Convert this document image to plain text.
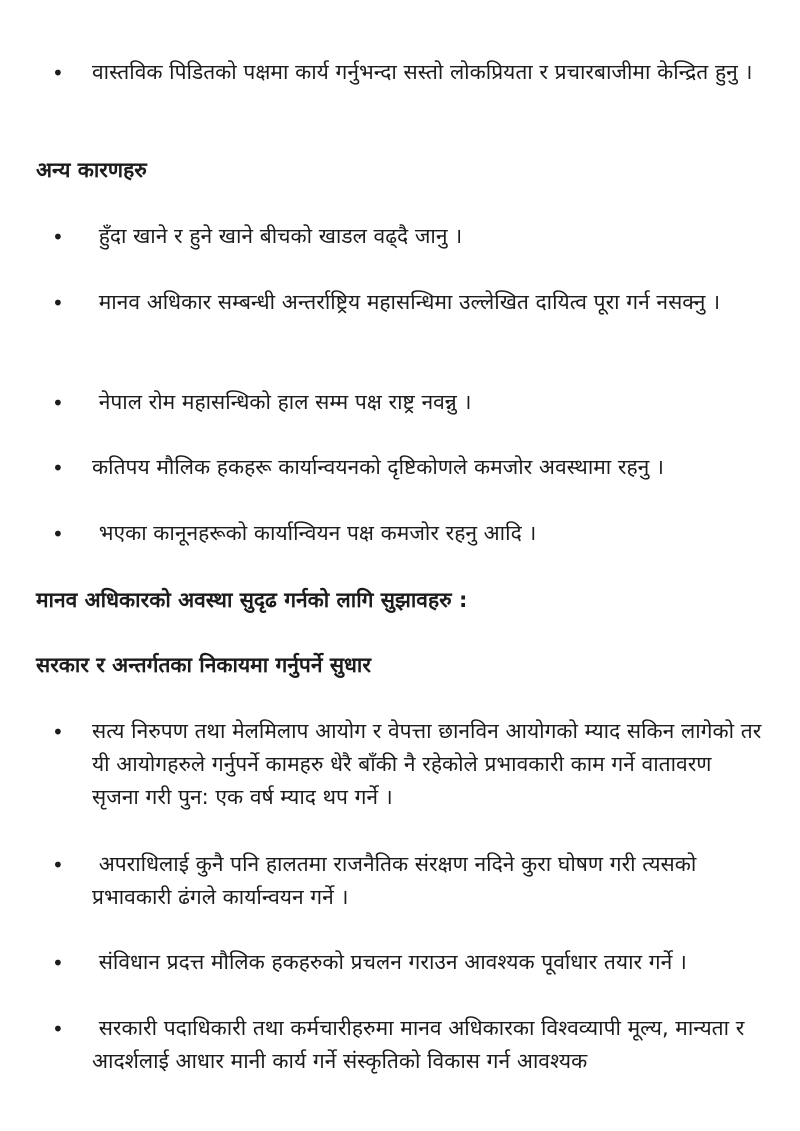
• वास्तविक पिडितको पक्षमा कार्य गर्नुभन्दा सस्तो लोकप्रियता र प्रचारबाजीमा केन्द्रित हुनु ।
अन्य कारणहरु
• हुँदा खाने र हुने खाने बीचको खाडल वढ्दै जानु ।
• मानव अधिकार सम्बन्धी अन्तर्राष्ट्रिय महासन्धिमा उल्लेखित दायित्व पूरा गर्न नसक्नु ।
• नेपाल रोम महासन्धिको हाल सम्म पक्ष राष्ट्र नवन्नु ।
• कतिपय मौलिक हकहरू कार्यान्वयनको दृष्टिकोणले कमजोर अवस्थामा रहनु ।
• भएका कानूनहरूको कार्यान्वियन पक्ष कमजोर रहनु आदि ।
मानव अधिकारको अवस्था सुदृढ गर्नको लागि सुझावहरु :
सरकार र अन्तर्गतका निकायमा गर्नुपर्ने सुधार
• सत्य निरुपण तथा मेलमिलाप आयोग र वेपत्ता छानविन आयोगको म्याद सकिन लागेको तर यी आयोगहरुले गर्नुपर्ने कामहरु धेरै बाँकी नै रहेकोले प्रभावकारी काम गर्ने वातावरण सृजना गरी पुन: एक वर्ष म्याद थप गर्ने ।
• अपराधिलाई कुनै पनि हालतमा राजनैतिक संरक्षण नदिने कुरा घोषण गरी त्यसको प्रभावकारी ढंगले कार्यान्वयन गर्ने ।
• संविधान प्रदत्त मौलिक हकहरुको प्रचलन गराउन आवश्यक पूर्वाधार तयार गर्ने ।
• सरकारी पदाधिकारी तथा कर्मचारीहरुमा मानव अधिकारका विश्वव्यापी मूल्य, मान्यता र आदर्शलाई आधार मानी कार्य गर्ने संस्कृतिको विकास गर्न आवश्यक
